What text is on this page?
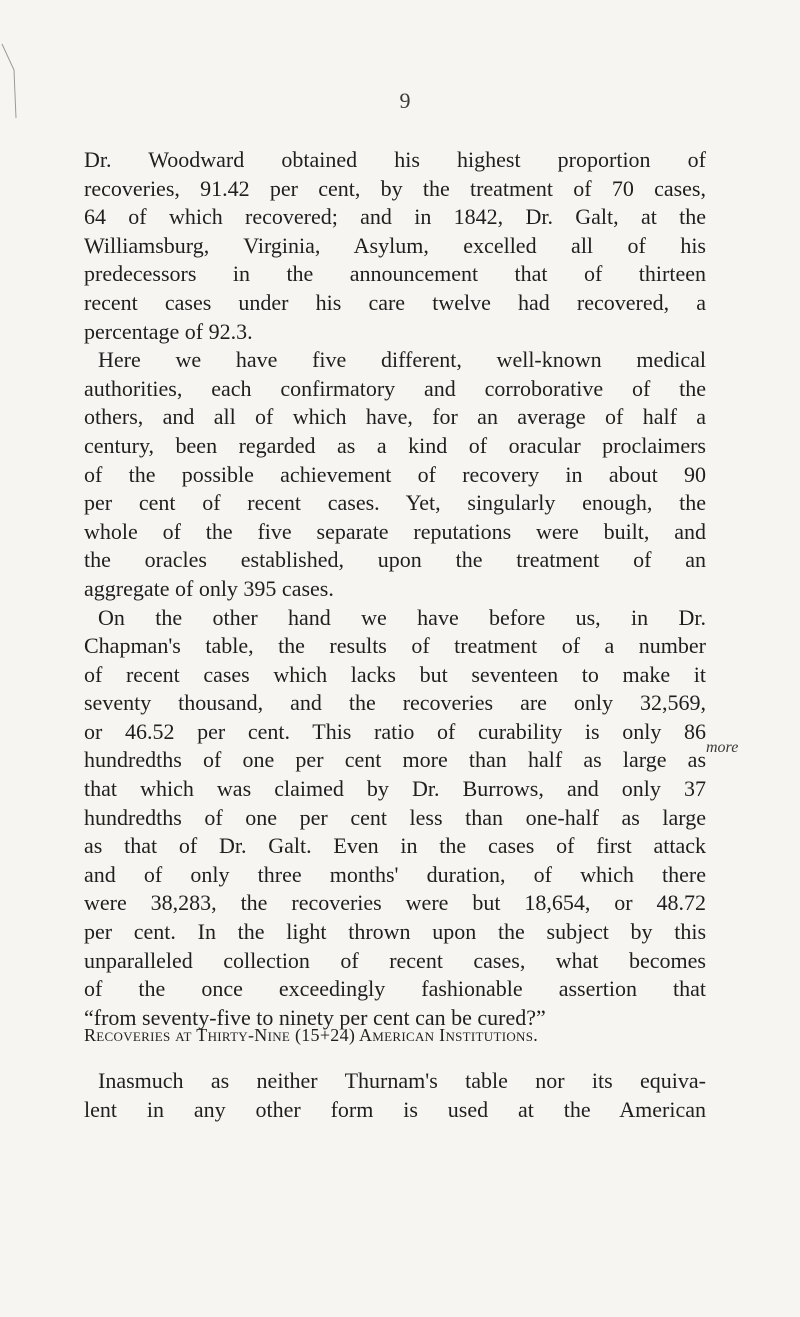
9
Dr. Woodward obtained his highest proportion of
recoveries, 91.42 per cent, by the treatment of 70 cases,
64 of which recovered; and in 1842, Dr. Galt, at the
Williamsburg, Virginia, Asylum, excelled all of his
predecessors in the announcement that of thirteen
recent cases under his care twelve had recovered, a
percentage of 92.3.
Here we have five different, well-known medical
authorities, each confirmatory and corroborative of the
others, and all of which have, for an average of half a
century, been regarded as a kind of oracular proclaimers
of the possible achievement of recovery in about 90
per cent of recent cases. Yet, singularly enough, the
whole of the five separate reputations were built, and
the oracles established, upon the treatment of an
aggregate of only 395 cases.
On the other hand we have before us, in Dr.
Chapman's table, the results of treatment of a number
of recent cases which lacks but seventeen to make it
seventy thousand, and the recoveries are only 32,569,
or 46.52 per cent. This ratio of curability is only 86
hundredths of one per cent more than half as large as
that which was claimed by Dr. Burrows, and only 37
hundredths of one per cent less than one-half as large
as that of Dr. Galt. Even in the cases of first attack
and of only three months' duration, of which there
were 38,283, the recoveries were but 18,654, or 48.72
per cent. In the light thrown upon the subject by this
unparalleled collection of recent cases, what becomes
of the once exceedingly fashionable assertion that
“from seventy-five to ninety per cent can be cured?”
more
Recoveries at Thirty-Nine (15+24) American Institutions.
Inasmuch as neither Thurnam's table nor its equiva-
lent in any other form is used at the American
